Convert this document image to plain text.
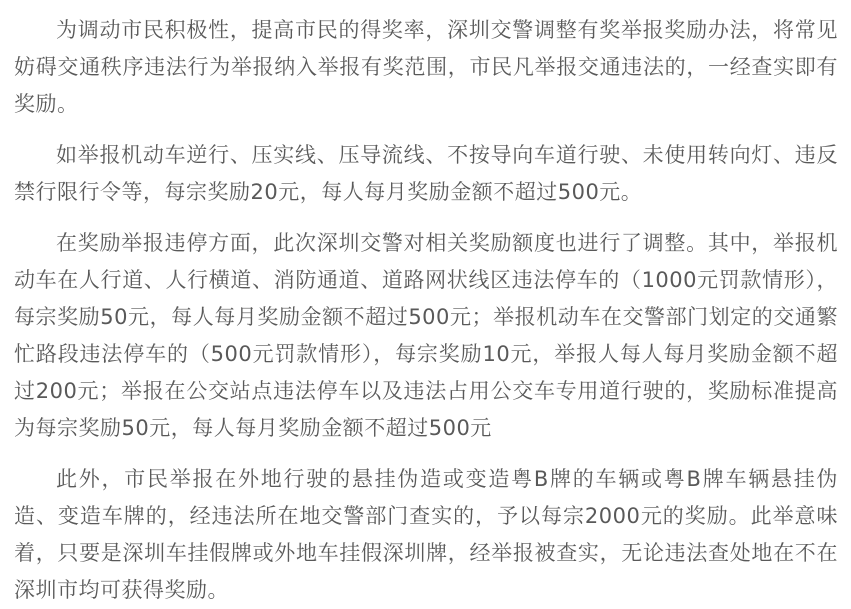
为调动市民积极性，提高市民的得奖率，深圳交警调整有奖举报奖励办法，将常见妨碍交通秩序违法行为举报纳入举报有奖范围，市民凡举报交通违法的，一经查实即有奖励。

如举报机动车逆行、压实线、压导流线、不按导向车道行驶、未使用转向灯、违反禁行限行令等，每宗奖励20元，每人每月奖励金额不超过500元。

在奖励举报违停方面，此次深圳交警对相关奖励额度也进行了调整。其中，举报机动车在人行道、人行横道、消防通道、道路网状线区违法停车的（1000元罚款情形），每宗奖励50元，每人每月奖励金额不超过500元；举报机动车在交警部门划定的交通繁忙路段违法停车的（500元罚款情形），每宗奖励10元，举报人每人每月奖励金额不超过200元；举报在公交站点违法停车以及违法占用公交车专用道行驶的，奖励标准提高为每宗奖励50元，每人每月奖励金额不超过500元

此外，市民举报在外地行驶的悬挂伪造或变造粤B牌的车辆或粤B牌车辆悬挂伪造、变造车牌的，经违法所在地交警部门查实的，予以每宗2000元的奖励。此举意味着，只要是深圳车挂假牌或外地车挂假深圳牌，经举报被查实，无论违法查处地在不在深圳市均可获得奖励。
